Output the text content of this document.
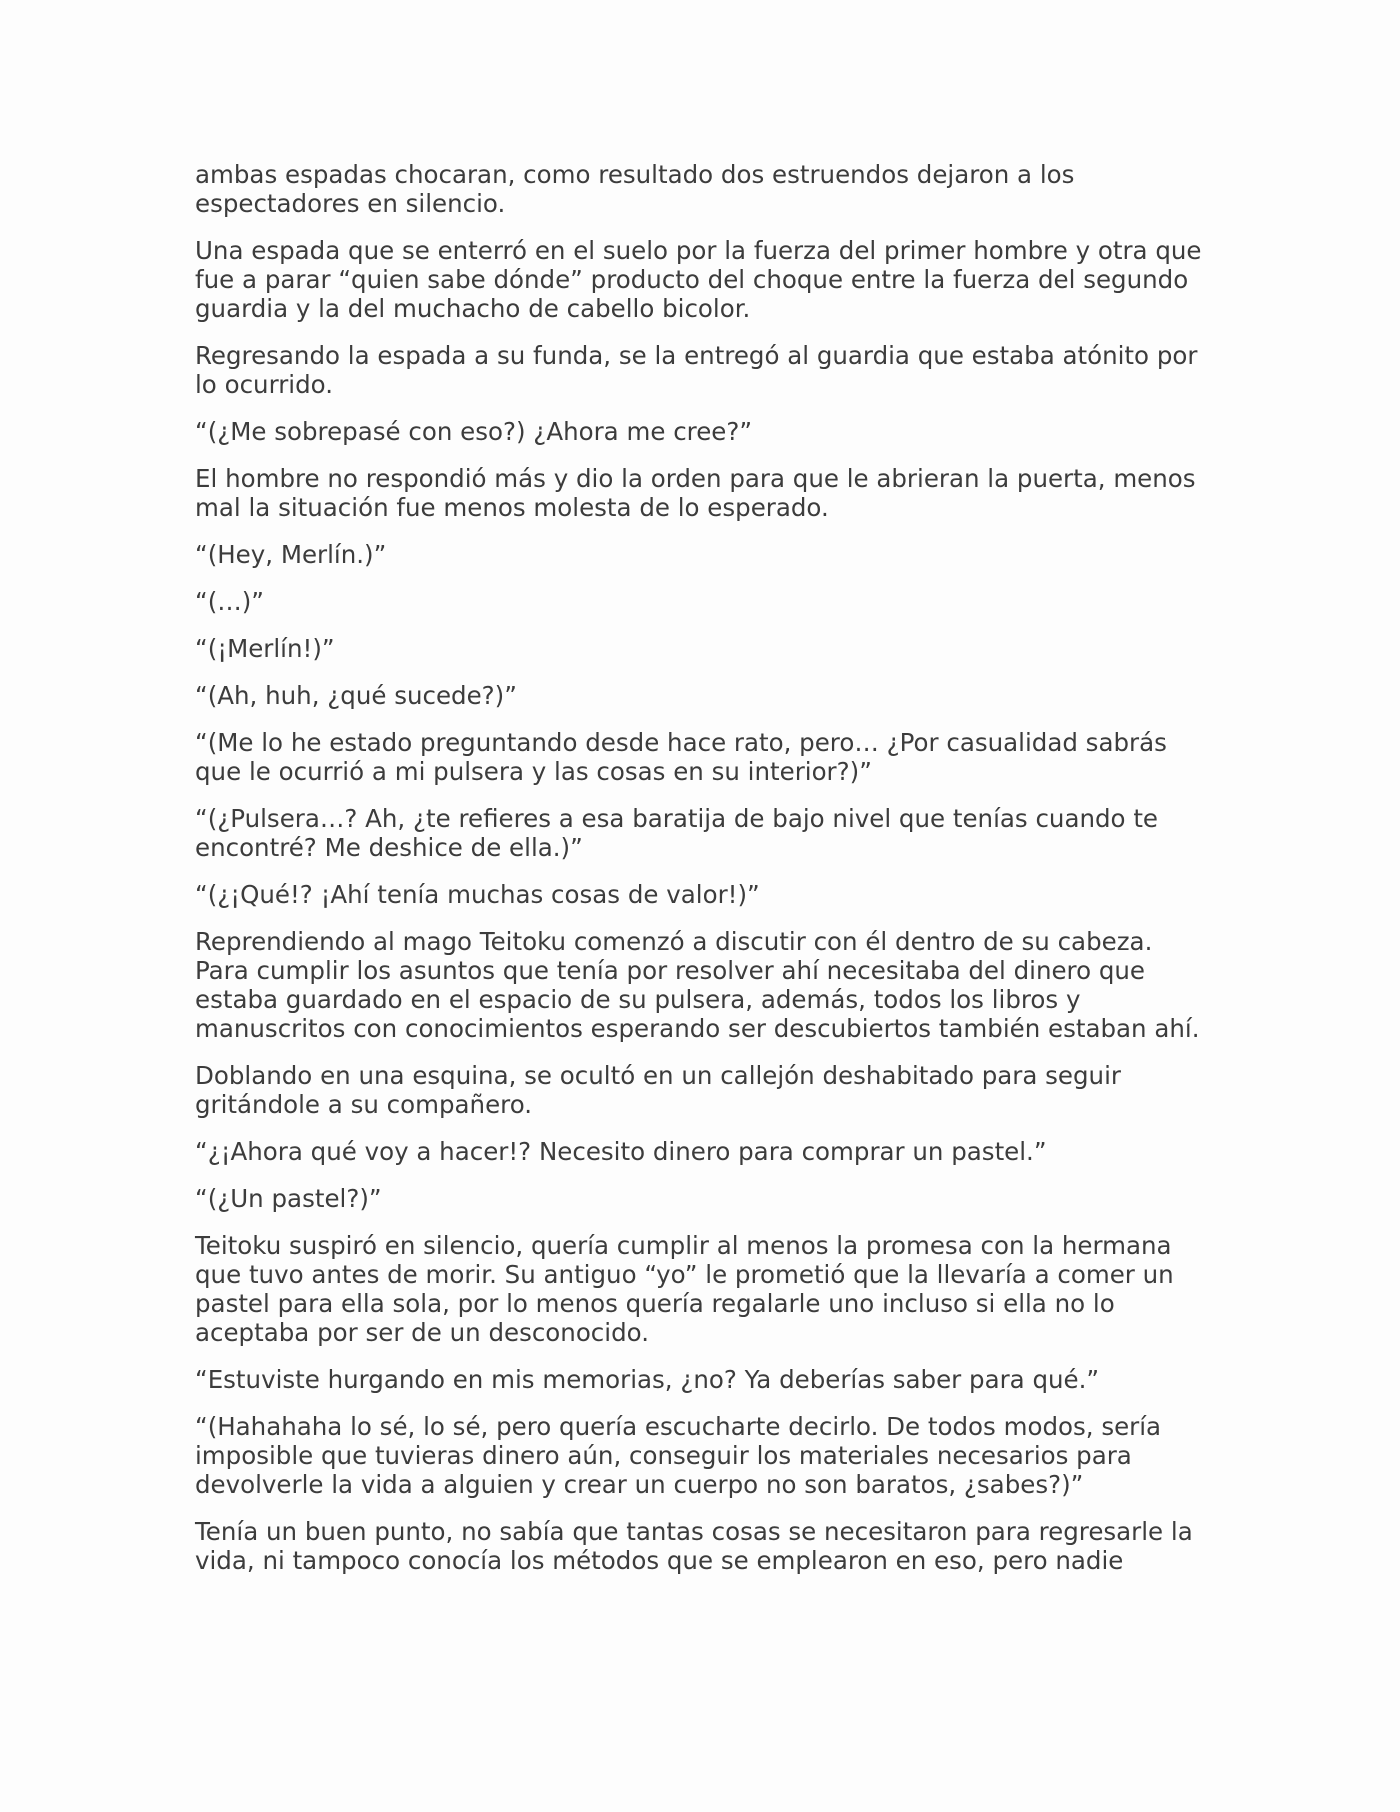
ambas espadas chocaran, como resultado dos estruendos dejaron a los espectadores en silencio.

Una espada que se enterró en el suelo por la fuerza del primer hombre y otra que fue a parar “quien sabe dónde” producto del choque entre la fuerza del segundo guardia y la del muchacho de cabello bicolor.

Regresando la espada a su funda, se la entregó al guardia que estaba atónito por lo ocurrido.

“(¿Me sobrepasé con eso?) ¿Ahora me cree?”

El hombre no respondió más y dio la orden para que le abrieran la puerta, menos mal la situación fue menos molesta de lo esperado.

“(Hey, Merlín.)”

“(…)”

“(¡Merlín!)”

“(Ah, huh, ¿qué sucede?)”

“(Me lo he estado preguntando desde hace rato, pero… ¿Por casualidad sabrás que le ocurrió a mi pulsera y las cosas en su interior?)”

“(¿Pulsera…? Ah, ¿te refieres a esa baratija de bajo nivel que tenías cuando te encontré? Me deshice de ella.)”

“(¿¡Qué!? ¡Ahí tenía muchas cosas de valor!)”

Reprendiendo al mago Teitoku comenzó a discutir con él dentro de su cabeza. Para cumplir los asuntos que tenía por resolver ahí necesitaba del dinero que estaba guardado en el espacio de su pulsera, además, todos los libros y manuscritos con conocimientos esperando ser descubiertos también estaban ahí.

Doblando en una esquina, se ocultó en un callejón deshabitado para seguir gritándole a su compañero.

“¿¡Ahora qué voy a hacer!? Necesito dinero para comprar un pastel.”

“(¿Un pastel?)”

Teitoku suspiró en silencio, quería cumplir al menos la promesa con la hermana que tuvo antes de morir. Su antiguo “yo” le prometió que la llevaría a comer un pastel para ella sola, por lo menos quería regalarle uno incluso si ella no lo aceptaba por ser de un desconocido.

“Estuviste hurgando en mis memorias, ¿no? Ya deberías saber para qué.”

“(Hahahaha lo sé, lo sé, pero quería escucharte decirlo. De todos modos, sería imposible que tuvieras dinero aún, conseguir los materiales necesarios para devolverle la vida a alguien y crear un cuerpo no son baratos, ¿sabes?)”

Tenía un buen punto, no sabía que tantas cosas se necesitaron para regresarle la vida, ni tampoco conocía los métodos que se emplearon en eso, pero nadie
